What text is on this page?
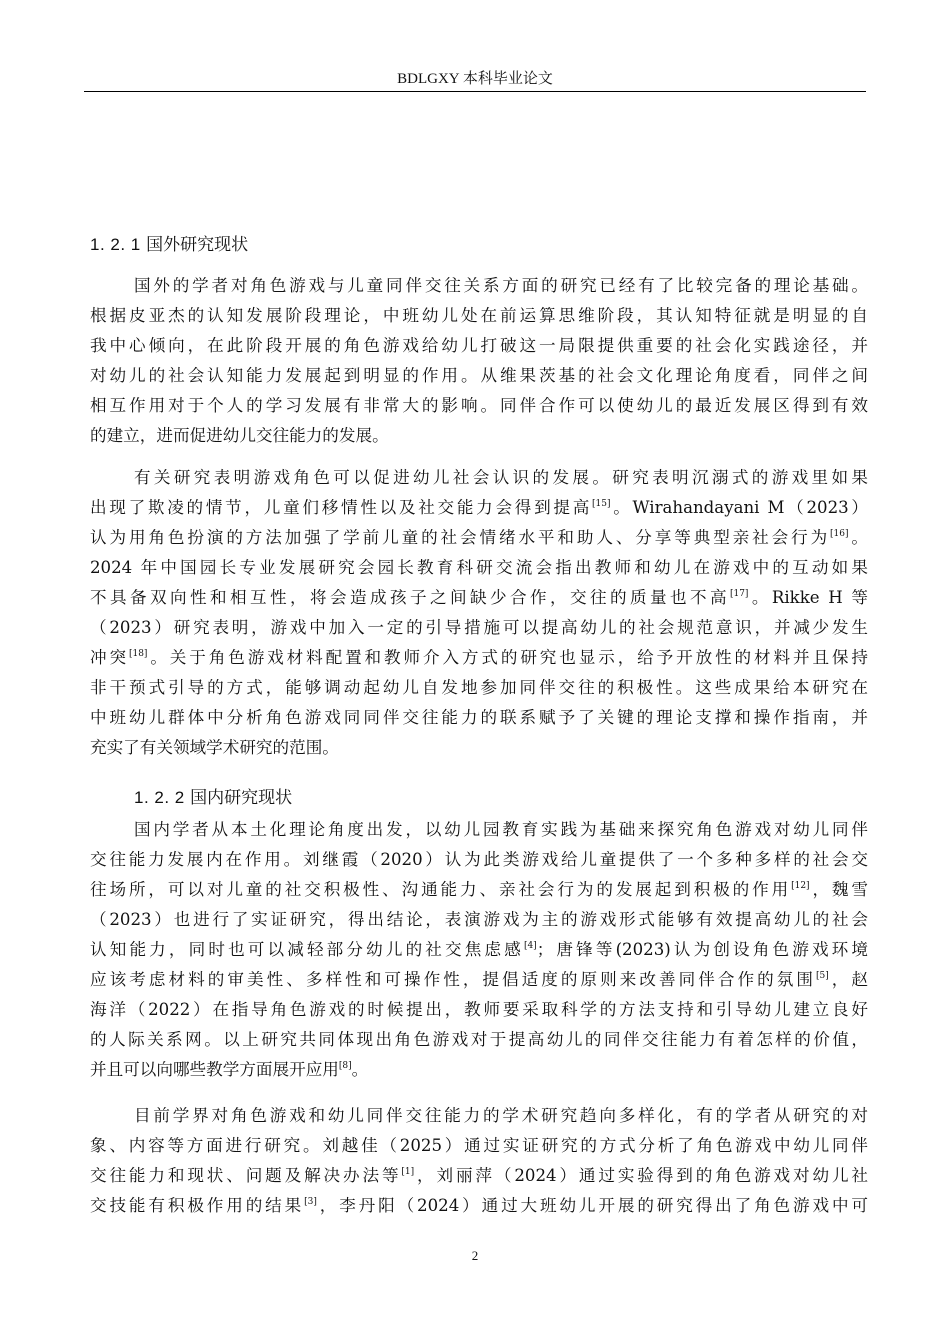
BDLGXY 本科毕业论文
1. 2. 1 国外研究现状
国外的学者对角色游戏与儿童同伴交往关系方面的研究已经有了比较完备的理论基础。
根据皮亚杰的认知发展阶段理论，中班幼儿处在前运算思维阶段，其认知特征就是明显的自
我中心倾向，在此阶段开展的角色游戏给幼儿打破这一局限提供重要的社会化实践途径，并
对幼儿的社会认知能力发展起到明显的作用。从维果茨基的社会文化理论角度看，同伴之间
相互作用对于个人的学习发展有非常大的影响。同伴合作可以使幼儿的最近发展区得到有效
的建立，进而促进幼儿交往能力的发展。
有关研究表明游戏角色可以促进幼儿社会认识的发展。研究表明沉溺式的游戏里如果
出现了欺凌的情节，儿童们移情性以及社交能力会得到提高[15]。Wirahandayani M（2023）
认为用角色扮演的方法加强了学前儿童的社会情绪水平和助人、分享等典型亲社会行为[16]。
2024 年中国园长专业发展研究会园长教育科研交流会指出教师和幼儿在游戏中的互动如果
不具备双向性和相互性，将会造成孩子之间缺少合作，交往的质量也不高[17]。Rikke H 等
（2023）研究表明，游戏中加入一定的引导措施可以提高幼儿的社会规范意识，并减少发生
冲突[18]。关于角色游戏材料配置和教师介入方式的研究也显示，给予开放性的材料并且保持
非干预式引导的方式，能够调动起幼儿自发地参加同伴交往的积极性。这些成果给本研究在
中班幼儿群体中分析角色游戏同同伴交往能力的联系赋予了关键的理论支撑和操作指南，并
充实了有关领域学术研究的范围。
1. 2. 2 国内研究现状
国内学者从本土化理论角度出发，以幼儿园教育实践为基础来探究角色游戏对幼儿同伴
交往能力发展内在作用。刘继霞（2020）认为此类游戏给儿童提供了一个多种多样的社会交
往场所，可以对儿童的社交积极性、沟通能力、亲社会行为的发展起到积极的作用[12]，魏雪
（2023）也进行了实证研究，得出结论，表演游戏为主的游戏形式能够有效提高幼儿的社会
认知能力，同时也可以减轻部分幼儿的社交焦虑感[4]；唐锋等(2023)认为创设角色游戏环境
应该考虑材料的审美性、多样性和可操作性，提倡适度的原则来改善同伴合作的氛围[5]，赵
海洋（2022）在指导角色游戏的时候提出，教师要采取科学的方法支持和引导幼儿建立良好
的人际关系网。以上研究共同体现出角色游戏对于提高幼儿的同伴交往能力有着怎样的价值，
并且可以向哪些教学方面展开应用[8]。
目前学界对角色游戏和幼儿同伴交往能力的学术研究趋向多样化，有的学者从研究的对
象、内容等方面进行研究。刘越佳（2025）通过实证研究的方式分析了角色游戏中幼儿同伴
交往能力和现状、问题及解决办法等[1]，刘丽萍（2024）通过实验得到的角色游戏对幼儿社
交技能有积极作用的结果[3]，李丹阳（2024）通过大班幼儿开展的研究得出了角色游戏中可
2
